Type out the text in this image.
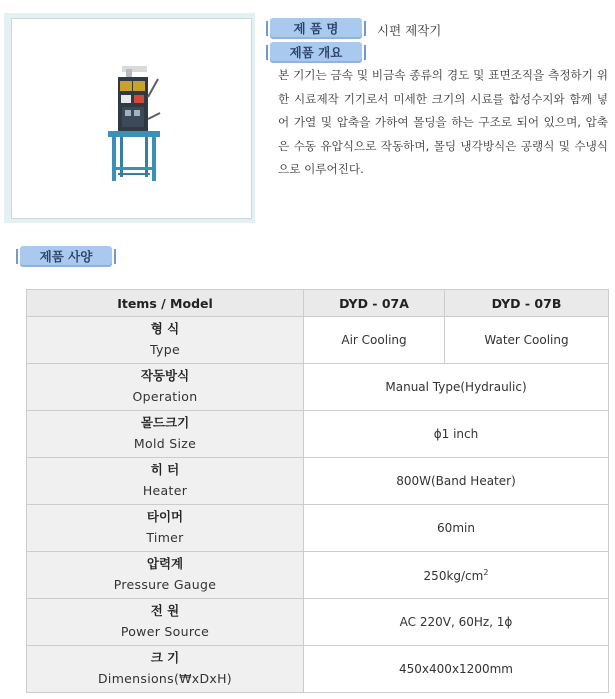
제 품 명	시편 제작기
제품 개요
본 기기는 금속 및 비금속 종류의 경도 및 표면조직을 측정하기 위한 시료제작 기기로서 미세한 크기의 시료를 합성수지와 함께 넣어 가열 및 압축을 가하여 몰딩을 하는 구조로 되어 있으며, 압축은 수동 유압식으로 작동하며, 몰딩 냉각방식은 공랭식 및 수냉식으로 이루어진다.
제품 사양
Items / Model	DYD - 07A	DYD - 07B

형 식
Type	Air Cooling	Water Cooling

작동방식
Operation	Manual Type(Hydraulic)	

몰드크기
Mold Size	ϕ1 inch	

히 터
Heater	800W(Band Heater)	

타이머
Timer	60min	

압력계
Pressure Gauge	$250kg/cm^2$

전 원
Power Source	AC 220V, 60Hz, 1ϕ	

크 기
Dimensions(₩xDxH)	450x400x1200mm	
